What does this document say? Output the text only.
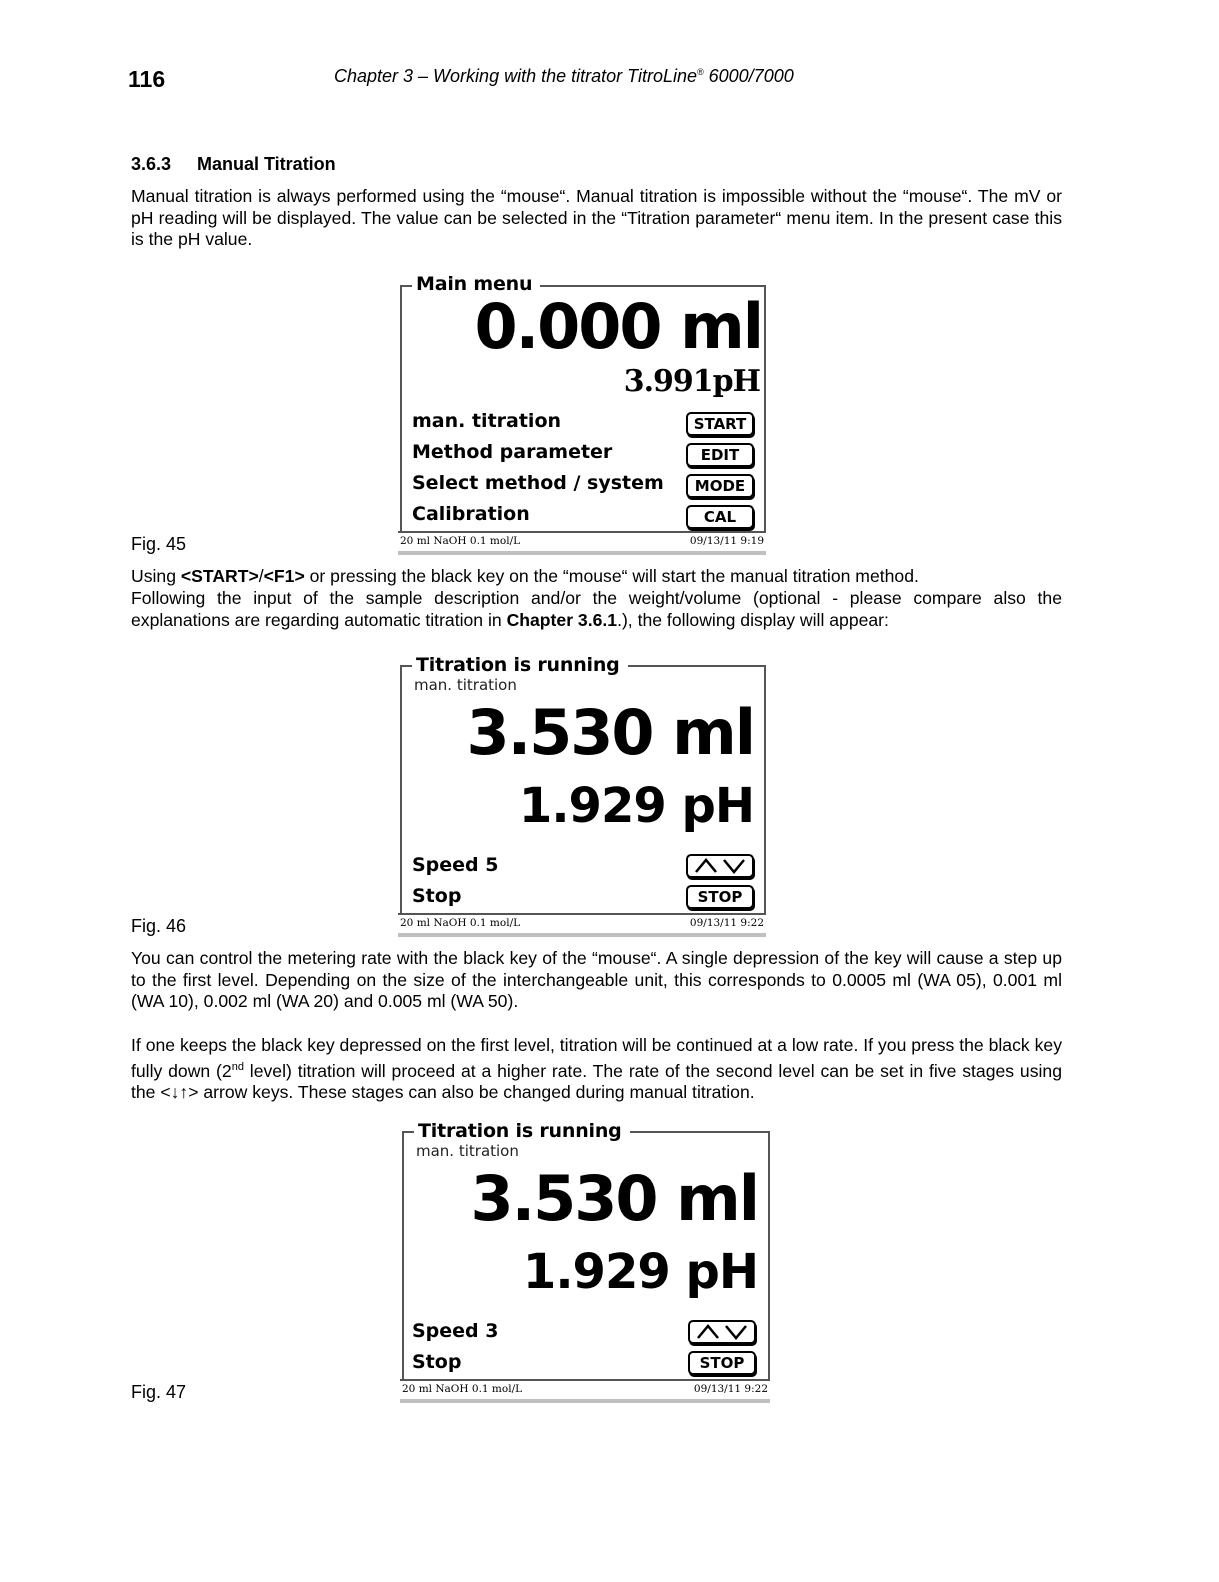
116	Chapter 3 – Working with the titrator TitroLine® 6000/7000
3.6.3 Manual Titration
Manual titration is always performed using the “mouse“. Manual titration is impossible without the “mouse“. The mV or pH reading will be displayed. The value can be selected in the “Titration parameter“ menu item. In the present case this is the pH value.
Main menu
0.000 ml
3.991pH
man. titration	START
Method parameter	EDIT
Select method / system	MODE
Calibration	CAL
20 ml NaOH 0.1 mol/L	09/13/11 9:19
Fig. 45
Using <START>/<F1> or pressing the black key on the “mouse“ will start the manual titration method.
Following the input of the sample description and/or the weight/volume (optional - please compare also the explanations are regarding automatic titration in Chapter 3.6.1.), the following display will appear:
Titration is running
man. titration
3.530 ml
1.929 pH
Speed 5
Stop	STOP
20 ml NaOH 0.1 mol/L	09/13/11 9:22
Fig. 46
You can control the metering rate with the black key of the “mouse“. A single depression of the key will cause a step up to the first level. Depending on the size of the interchangeable unit, this corresponds to 0.0005 ml (WA 05), 0.001 ml (WA 10), 0.002 ml (WA 20) and 0.005 ml (WA 50).
If one keeps the black key depressed on the first level, titration will be continued at a low rate. If you press the black key fully down (2nd level) titration will proceed at a higher rate. The rate of the second level can be set in five stages using the <↓↑> arrow keys. These stages can also be changed during manual titration.
Titration is running
man. titration
3.530 ml
1.929 pH
Speed 3
Stop	STOP
20 ml NaOH 0.1 mol/L	09/13/11 9:22
Fig. 47
